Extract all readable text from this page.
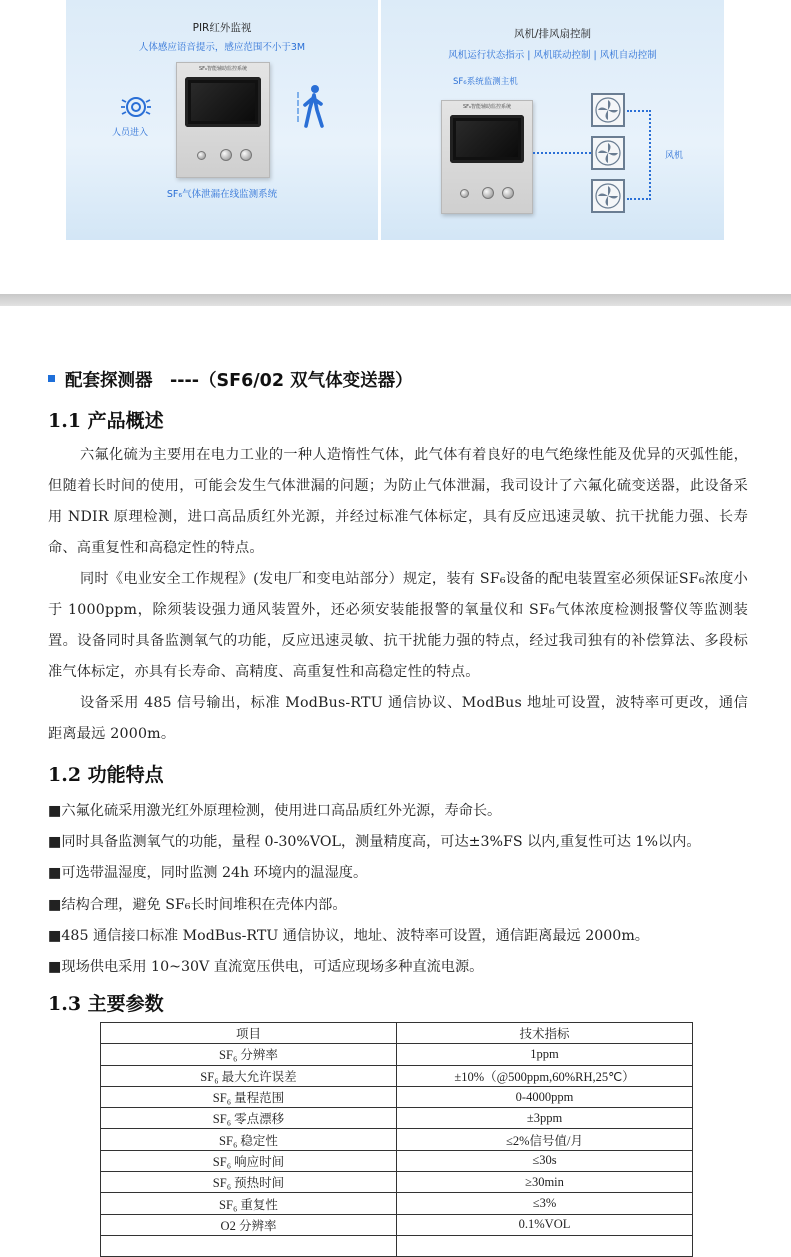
PIR红外监视
人体感应语音提示，感应范围不小于3M
SF₆智能辅助监控系统
人员进入
SF₆气体泄漏在线监测系统
风机/排风扇控制
风机运行状态指示 | 风机联动控制 | 风机自动控制
SF₆系统监测主机
SF₆智能辅助监控系统
风机
配套探测器　----（SF6/02 双气体变送器）
1.1 产品概述
六氟化硫为主要用在电力工业的一种人造惰性气体，此气体有着良好的电气绝缘性能及优异的灭弧性能，但随着长时间的使用，可能会发生气体泄漏的问题；为防止气体泄漏，我司设计了六氟化硫变送器，此设备采用 NDIR 原理检测，进口高品质红外光源，并经过标准气体标定，具有反应迅速灵敏、抗干扰能力强、长寿命、高重复性和高稳定性的特点。
同时《电业安全工作规程》(发电厂和变电站部分）规定，装有 SF₆设备的配电装置室必须保证SF₆浓度小于 1000ppm，除须装设强力通风装置外，还必须安装能报警的氧量仪和 SF₆气体浓度检测报警仪等监测装置。设备同时具备监测氧气的功能，反应迅速灵敏、抗干扰能力强的特点，经过我司独有的补偿算法、多段标准气体标定，亦具有长寿命、高精度、高重复性和高稳定性的特点。
设备采用 485 信号输出，标准 ModBus-RTU 通信协议、ModBus 地址可设置，波特率可更改，通信距离最远 2000m。
1.2 功能特点
■六氟化硫采用激光红外原理检测，使用进口高品质红外光源，寿命长。
■同时具备监测氧气的功能，量程 0-30%VOL，测量精度高，可达±3%FS 以内,重复性可达 1%以内。
■可选带温湿度，同时监测 24h 环境内的温湿度。
■结构合理，避免 SF₆长时间堆积在壳体内部。
■485 通信接口标准 ModBus-RTU 通信协议，地址、波特率可设置，通信距离最远 2000m。
■现场供电采用 10~30V 直流宽压供电，可适应现场多种直流电源。
1.3 主要参数
项目	技术指标
SF₆ 分辨率	1ppm
SF₆ 最大允许误差	±10%（@500ppm,60%RH,25℃）
SF₆ 量程范围	0-4000ppm
SF₆ 零点漂移	±3ppm
SF₆ 稳定性	≤2%信号值/月
SF₆ 响应时间	≤30s
SF₆ 预热时间	≥30min
SF₆ 重复性	≤3%
O2 分辨率	0.1%VOL
